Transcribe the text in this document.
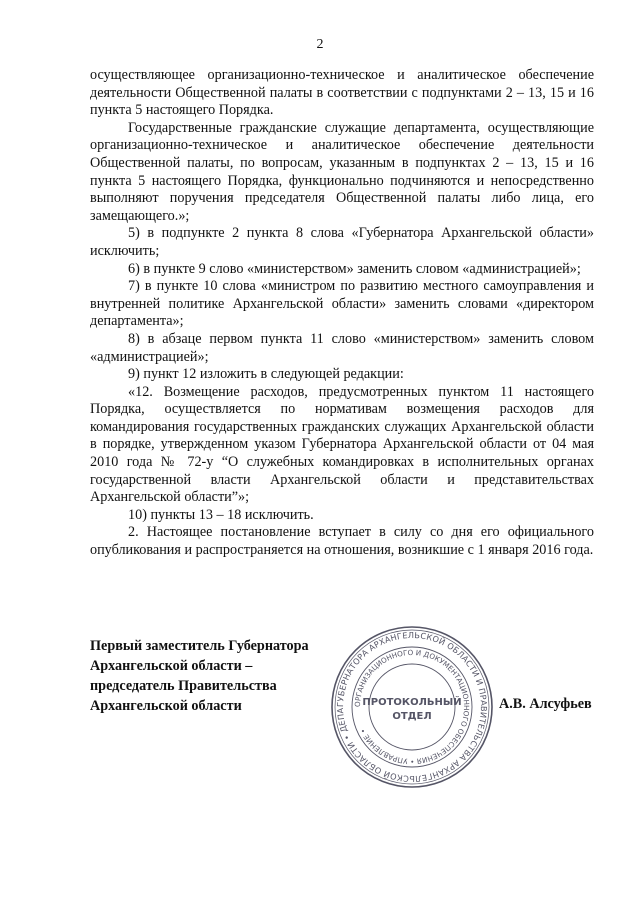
2

осуществляющее организационно-техническое и аналитическое обеспечение деятельности Общественной палаты в соответствии с подпунктами 2 – 13, 15 и 16 пункта 5 настоящего Порядка.

Государственные гражданские служащие департамента, осуществляющие организационно-техническое и аналитическое обеспечение деятельности Общественной палаты, по вопросам, указанным в подпунктах 2 – 13, 15 и 16 пункта 5 настоящего Порядка, функционально подчиняются и непосредственно выполняют поручения председателя Общественной палаты либо лица, его замещающего.»;

5) в подпункте 2 пункта 8 слова «Губернатора Архангельской области» исключить;

6) в пункте 9 слово «министерством» заменить словом «администрацией»;

7) в пункте 10 слова «министром по развитию местного самоуправления и внутренней политике Архангельской области» заменить словами «директором департамента»;

8) в абзаце первом пункта 11 слово «министерством» заменить словом «администрацией»;

9) пункт 12 изложить в следующей редакции:

«12. Возмещение расходов, предусмотренных пунктом 11 настоящего Порядка, осуществляется по нормативам возмещения расходов для командирования государственных гражданских служащих Архангельской области в порядке, утвержденном указом Губернатора Архангельской области от 04 мая 2010 года № 72-у “О служебных командировках в исполнительных органах государственной власти Архангельской области и представительствах Архангельской области”»;

10) пункты 13 – 18 исключить.

2. Настоящее постановление вступает в силу со дня его официального опубликования и распространяется на отношения, возникшие с 1 января 2016 года.

Первый заместитель Губернатора
Архангельской области –
председатель Правительства
Архангельской области	ГУБЕРНАТОРА АРХАНГЕЛЬСКОЙ ОБЛАСТИ И ПРАВИТЕЛЬСТВА АРХАНГЕЛЬСКОЙ ОБЛАСТИ • ДЕПА
ОРГАНИЗАЦИОННОГО И ДОКУМЕНТАЦИОННОГО ОБЕСПЕЧЕНИЯ • УПРАВЛЕНИЕ •
ПРОТОКОЛЬНЫЙ
ОТДЕЛ
А.В. Алсуфьев
